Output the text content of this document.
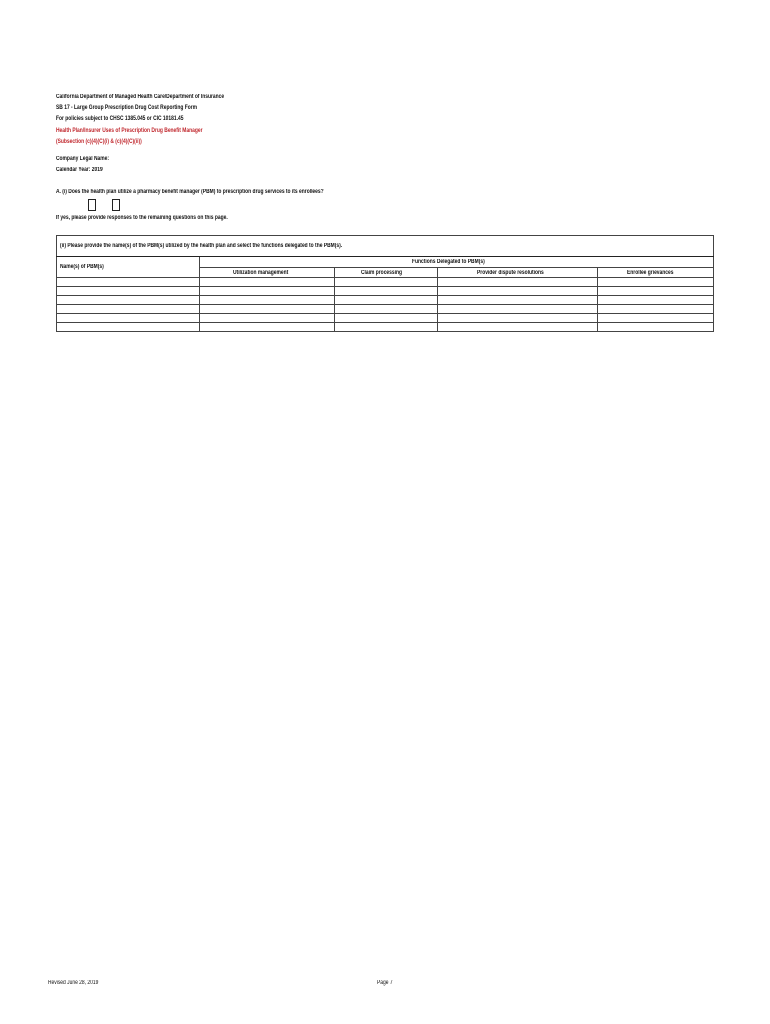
California Department of Managed Health Care/Department of Insurance
SB 17 - Large Group Prescription Drug Cost Reporting Form
For policies subject to CHSC 1385.045 or CIC 10181.45
Health Plan/Insurer Uses of Prescription Drug Benefit Manager
(Subsection (c)(4)(C)(i) & (c)(4)(C)(ii))
Company Legal Name:
Calendar Year: 2019
A. (i) Does the health plan utilize a pharmacy benefit manager (PBM) to prescription drug services to its enrollees?
If yes, please provide responses to the remaining questions on this page.
(ii) Please provide the name(s) of the PBM(s) utilized by the health plan and select the functions delegated to the PBM(s).				
Name(s) of PBM(s)	Functions Delegated to PBM(s)			
	Utilization management	Claim processing	Provider dispute resolutions	Enrollee grievances

Revised June 28, 2019	Page 7
